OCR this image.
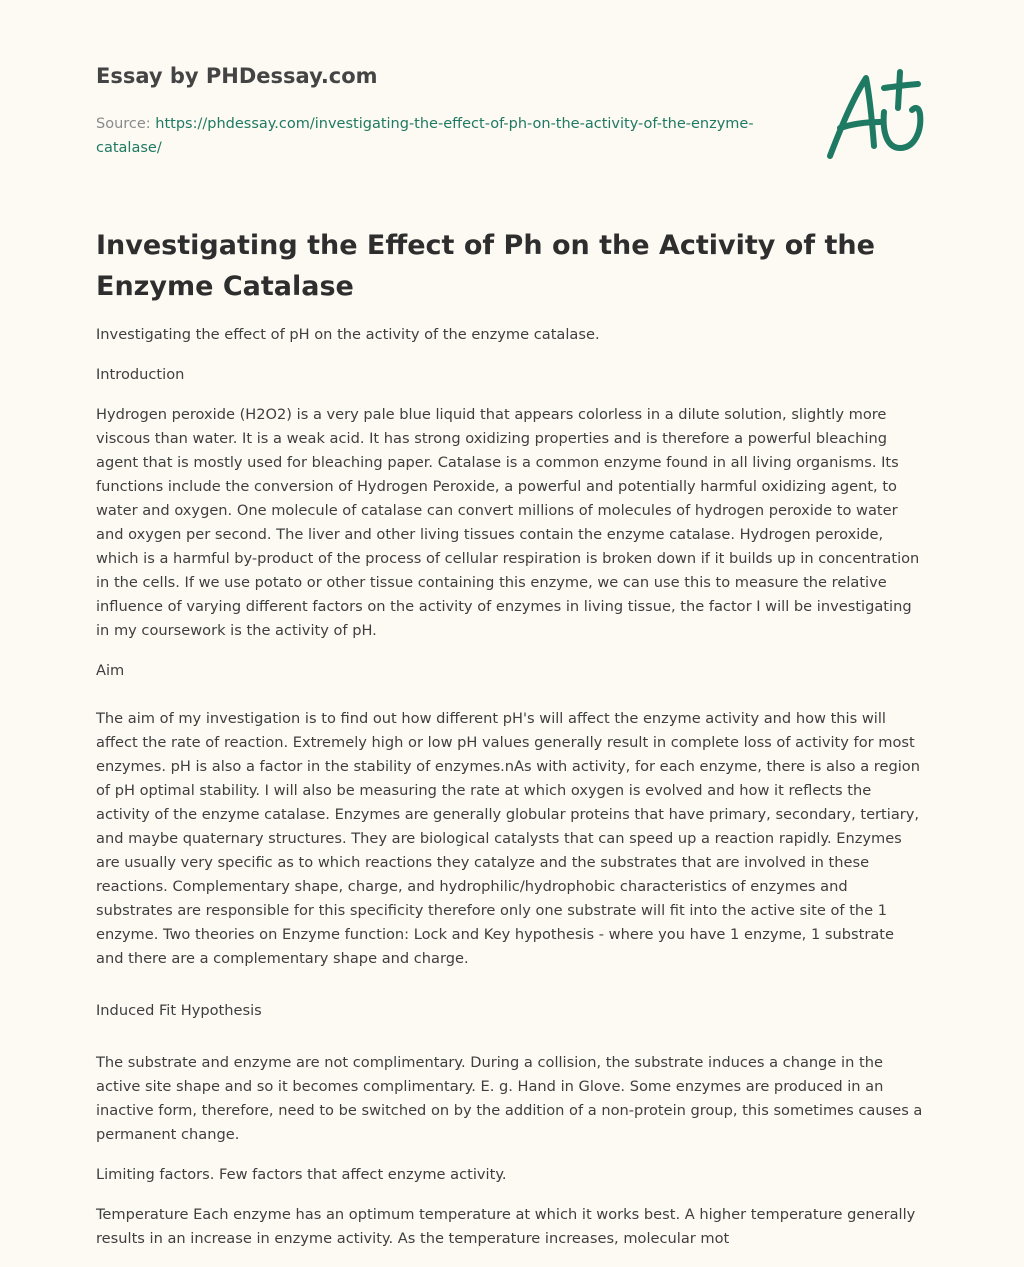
Essay by PHDessay.com
Source: https://phdessay.com/investigating-the-effect-of-ph-on-the-activity-of-the-enzyme-catalase/
Investigating the Effect of Ph on the Activity of the Enzyme Catalase

Investigating the effect of pH on the activity of the enzyme catalase.

Introduction

Hydrogen peroxide (H2O2) is a very pale blue liquid that appears colorless in a dilute solution, slightly more viscous than water. It is a weak acid. It has strong oxidizing properties and is therefore a powerful bleaching agent that is mostly used for bleaching paper. Catalase is a common enzyme found in all living organisms. Its functions include the conversion of Hydrogen Peroxide, a powerful and potentially harmful oxidizing agent, to water and oxygen. One molecule of catalase can convert millions of molecules of hydrogen peroxide to water and oxygen per second. The liver and other living tissues contain the enzyme catalase. Hydrogen peroxide, which is a harmful by-product of the process of cellular respiration is broken down if it builds up in concentration in the cells. If we use potato or other tissue containing this enzyme, we can use this to measure the relative influence of varying different factors on the activity of enzymes in living tissue, the factor I will be investigating in my coursework is the activity of pH.

Aim

The aim of my investigation is to find out how different pH's will affect the enzyme activity and how this will affect the rate of reaction. Extremely high or low pH values generally result in complete loss of activity for most enzymes. pH is also a factor in the stability of enzymes.nAs with activity, for each enzyme, there is also a region of pH optimal stability. I will also be measuring the rate at which oxygen is evolved and how it reflects the activity of the enzyme catalase. Enzymes are generally globular proteins that have primary, secondary, tertiary, and maybe quaternary structures. They are biological catalysts that can speed up a reaction rapidly. Enzymes are usually very specific as to which reactions they catalyze and the substrates that are involved in these reactions. Complementary shape, charge, and hydrophilic/hydrophobic characteristics of enzymes and substrates are responsible for this specificity therefore only one substrate will fit into the active site of the 1 enzyme. Two theories on Enzyme function: Lock and Key hypothesis - where you have 1 enzyme, 1 substrate and there are a complementary shape and charge.

Induced Fit Hypothesis

The substrate and enzyme are not complimentary. During a collision, the substrate induces a change in the active site shape and so it becomes complimentary. E. g. Hand in Glove. Some enzymes are produced in an inactive form, therefore, need to be switched on by the addition of a non-protein group, this sometimes causes a permanent change.

Limiting factors. Few factors that affect enzyme activity.

Temperature Each enzyme has an optimum temperature at which it works best. A higher temperature generally results in an increase in enzyme activity. As the temperature increases, molecular mot
